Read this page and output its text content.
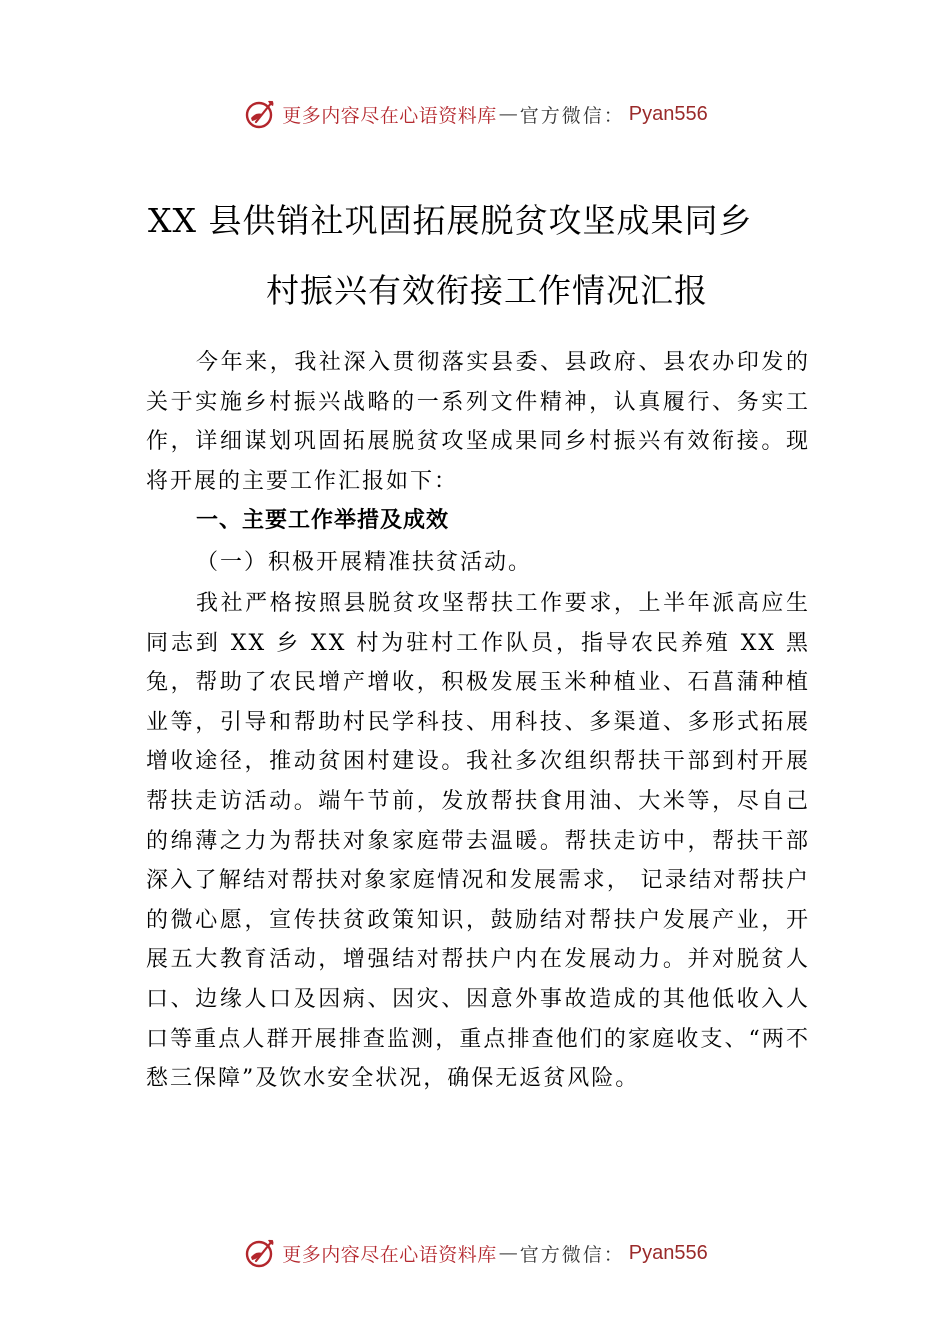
更多内容尽在心语资料库 — 官方微信： Pyan556
XX 县供销社巩固拓展脱贫攻坚成果同乡
村振兴有效衔接工作情况汇报

今年来，我社深入贯彻落实县委、县政府、县农办印发的关于实施乡村振兴战略的一系列文件精神，认真履行、务实工作，详细谋划巩固拓展脱贫攻坚成果同乡村振兴有效衔接。现将开展的主要工作汇报如下：

一、主要工作举措及成效
（一）积极开展精准扶贫活动。

我社严格按照县脱贫攻坚帮扶工作要求，上半年派高应生同志到 XX 乡 XX 村为驻村工作队员，指导农民养殖 XX 黑兔，帮助了农民增产增收，积极发展玉米种植业、石菖蒲种植业等，引导和帮助村民学科技、用科技、多渠道、多形式拓展增收途径，推动贫困村建设。我社多次组织帮扶干部到村开展帮扶走访活动。端午节前，发放帮扶食用油、大米等，尽自己的绵薄之力为帮扶对象家庭带去温暖。帮扶走访中，帮扶干部深入了解结对帮扶对象家庭情况和发展需求， 记录结对帮扶户的微心愿，宣传扶贫政策知识，鼓励结对帮扶户发展产业，开展五大教育活动，增强结对帮扶户内在发展动力。并对脱贫人口、边缘人口及因病、因灾、因意外事故造成的其他低收入人口等重点人群开展排查监测，重点排查他们的家庭收支、“两不愁三保障”及饮水安全状况，确保无返贫风险。

更多内容尽在心语资料库 — 官方微信： Pyan556
